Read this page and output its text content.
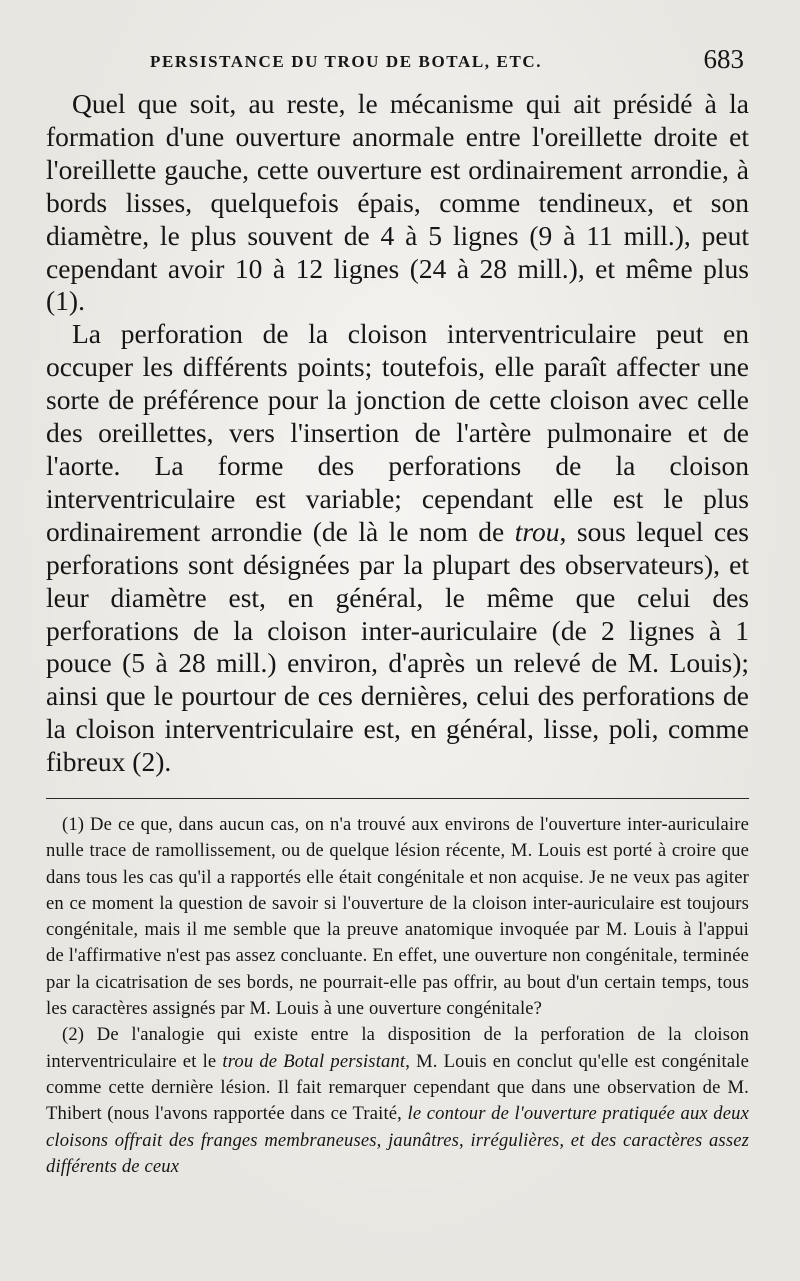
PERSISTANCE DU TROU DE BOTAL, ETC.	683

Quel que soit, au reste, le mécanisme qui ait présidé à la formation d'une ouverture anormale entre l'oreillette droite et l'oreillette gauche, cette ouverture est ordinairement arrondie, à bords lisses, quelquefois épais, comme tendineux, et son diamètre, le plus souvent de 4 à 5 lignes (9 à 11 mill.), peut cependant avoir 10 à 12 lignes (24 à 28 mill.), et même plus (1).

La perforation de la cloison interventriculaire peut en occuper les différents points; toutefois, elle paraît affecter une sorte de préférence pour la jonction de cette cloison avec celle des oreillettes, vers l'insertion de l'artère pulmonaire et de l'aorte. La forme des perforations de la cloison interventriculaire est variable; cependant elle est le plus ordinairement arrondie (de là le nom de trou, sous lequel ces perforations sont désignées par la plupart des observateurs), et leur diamètre est, en général, le même que celui des perforations de la cloison inter-auriculaire (de 2 lignes à 1 pouce (5 à 28 mill.) environ, d'après un relevé de M. Louis); ainsi que le pourtour de ces dernières, celui des perforations de la cloison interventriculaire est, en général, lisse, poli, comme fibreux (2).

(1) De ce que, dans aucun cas, on n'a trouvé aux environs de l'ouverture inter-auriculaire nulle trace de ramollissement, ou de quelque lésion récente, M. Louis est porté à croire que dans tous les cas qu'il a rapportés elle était congénitale et non acquise. Je ne veux pas agiter en ce moment la question de savoir si l'ouverture de la cloison inter-auriculaire est toujours congénitale, mais il me semble que la preuve anatomique invoquée par M. Louis à l'appui de l'affirmative n'est pas assez concluante. En effet, une ouverture non congénitale, terminée par la cicatrisation de ses bords, ne pourrait-elle pas offrir, au bout d'un certain temps, tous les caractères assignés par M. Louis à une ouverture congénitale?

(2) De l'analogie qui existe entre la disposition de la perforation de la cloison interventriculaire et le trou de Botal persistant, M. Louis en conclut qu'elle est congénitale comme cette dernière lésion. Il fait remarquer cependant que dans une observation de M. Thibert (nous l'avons rapportée dans ce Traité, le contour de l'ouverture pratiquée aux deux cloisons offrait des franges membraneuses, jaunâtres, irrégulières, et des caractères assez différents de ceux
